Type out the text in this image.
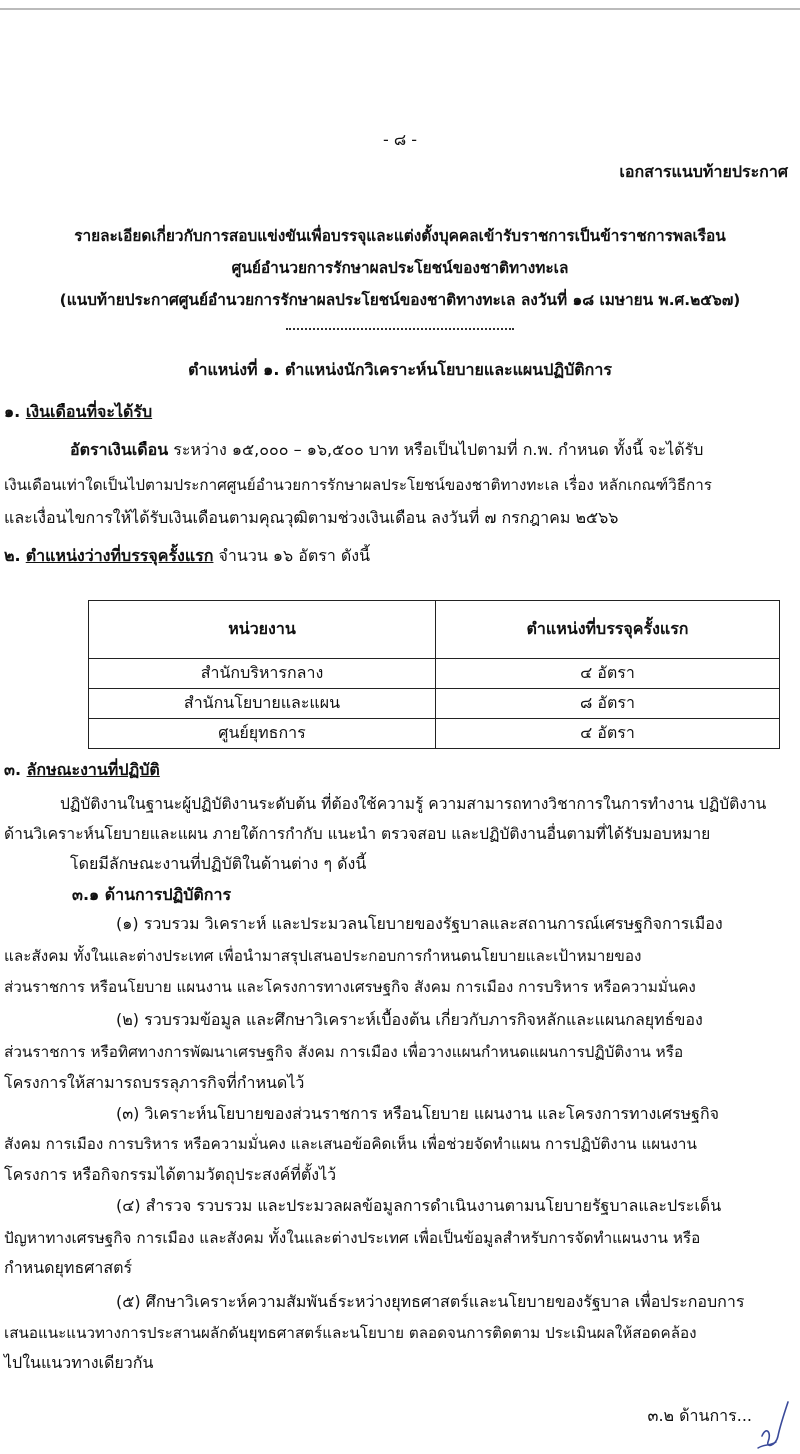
- ๘ -
เอกสารแนบท้ายประกาศ
รายละเอียดเกี่ยวกับการสอบแข่งขันเพื่อบรรจุและแต่งตั้งบุคคลเข้ารับราชการเป็นข้าราชการพลเรือน
ศูนย์อำนวยการรักษาผลประโยชน์ของชาติทางทะเล
(แนบท้ายประกาศศูนย์อำนวยการรักษาผลประโยชน์ของชาติทางทะเล ลงวันที่ ๑๘ เมษายน พ.ศ.๒๕๖๗)
ตำแหน่งที่ ๑. ตำแหน่งนักวิเคราะห์นโยบายและแผนปฏิบัติการ
๑. เงินเดือนที่จะได้รับ
อัตราเงินเดือน ระหว่าง ๑๕,๐๐๐ – ๑๖,๕๐๐ บาท หรือเป็นไปตามที่ ก.พ. กำหนด ทั้งนี้ จะได้รับ
เงินเดือนเท่าใดเป็นไปตามประกาศศูนย์อำนวยการรักษาผลประโยชน์ของชาติทางทะเล เรื่อง หลักเกณฑ์วิธีการ
และเงื่อนไขการให้ได้รับเงินเดือนตามคุณวุฒิตามช่วงเงินเดือน ลงวันที่ ๗ กรกฎาคม ๒๕๖๖
๒. ตำแหน่งว่างที่บรรจุครั้งแรก จำนวน ๑๖ อัตรา ดังนี้
หน่วยงาน	ตำแหน่งที่บรรจุครั้งแรก
สำนักบริหารกลาง	๔ อัตรา
สำนักนโยบายและแผน	๘ อัตรา
ศูนย์ยุทธการ	๔ อัตรา
๓. ลักษณะงานที่ปฏิบัติ
ปฏิบัติงานในฐานะผู้ปฏิบัติงานระดับต้น ที่ต้องใช้ความรู้ ความสามารถทางวิชาการในการทำงาน ปฏิบัติงาน
ด้านวิเคราะห์นโยบายและแผน ภายใต้การกำกับ แนะนำ ตรวจสอบ และปฏิบัติงานอื่นตามที่ได้รับมอบหมาย
โดยมีลักษณะงานที่ปฏิบัติในด้านต่าง ๆ ดังนี้
๓.๑ ด้านการปฏิบัติการ
(๑) รวบรวม วิเคราะห์ และประมวลนโยบายของรัฐบาลและสถานการณ์เศรษฐกิจการเมือง
และสังคม ทั้งในและต่างประเทศ เพื่อนำมาสรุปเสนอประกอบการกำหนดนโยบายและเป้าหมายของ
ส่วนราชการ หรือนโยบาย แผนงาน และโครงการทางเศรษฐกิจ สังคม การเมือง การบริหาร หรือความมั่นคง
(๒) รวบรวมข้อมูล และศึกษาวิเคราะห์เบื้องต้น เกี่ยวกับภารกิจหลักและแผนกลยุทธ์ของ
ส่วนราชการ หรือทิศทางการพัฒนาเศรษฐกิจ สังคม การเมือง เพื่อวางแผนกำหนดแผนการปฏิบัติงาน หรือ
โครงการให้สามารถบรรลุภารกิจที่กำหนดไว้
(๓) วิเคราะห์นโยบายของส่วนราชการ หรือนโยบาย แผนงาน และโครงการทางเศรษฐกิจ
สังคม การเมือง การบริหาร หรือความมั่นคง และเสนอข้อคิดเห็น เพื่อช่วยจัดทำแผน การปฏิบัติงาน แผนงาน
โครงการ หรือกิจกรรมได้ตามวัตถุประสงค์ที่ตั้งไว้
(๔) สำรวจ รวบรวม และประมวลผลข้อมูลการดำเนินงานตามนโยบายรัฐบาลและประเด็น
ปัญหาทางเศรษฐกิจ การเมือง และสังคม ทั้งในและต่างประเทศ เพื่อเป็นข้อมูลสำหรับการจัดทำแผนงาน หรือ
กำหนดยุทธศาสตร์
(๕) ศึกษาวิเคราะห์ความสัมพันธ์ระหว่างยุทธศาสตร์และนโยบายของรัฐบาล เพื่อประกอบการ
เสนอแนะแนวทางการประสานผลักดันยุทธศาสตร์และนโยบาย ตลอดจนการติดตาม ประเมินผลให้สอดคล้อง
ไปในแนวทางเดียวกัน
๓.๒ ด้านการ...
